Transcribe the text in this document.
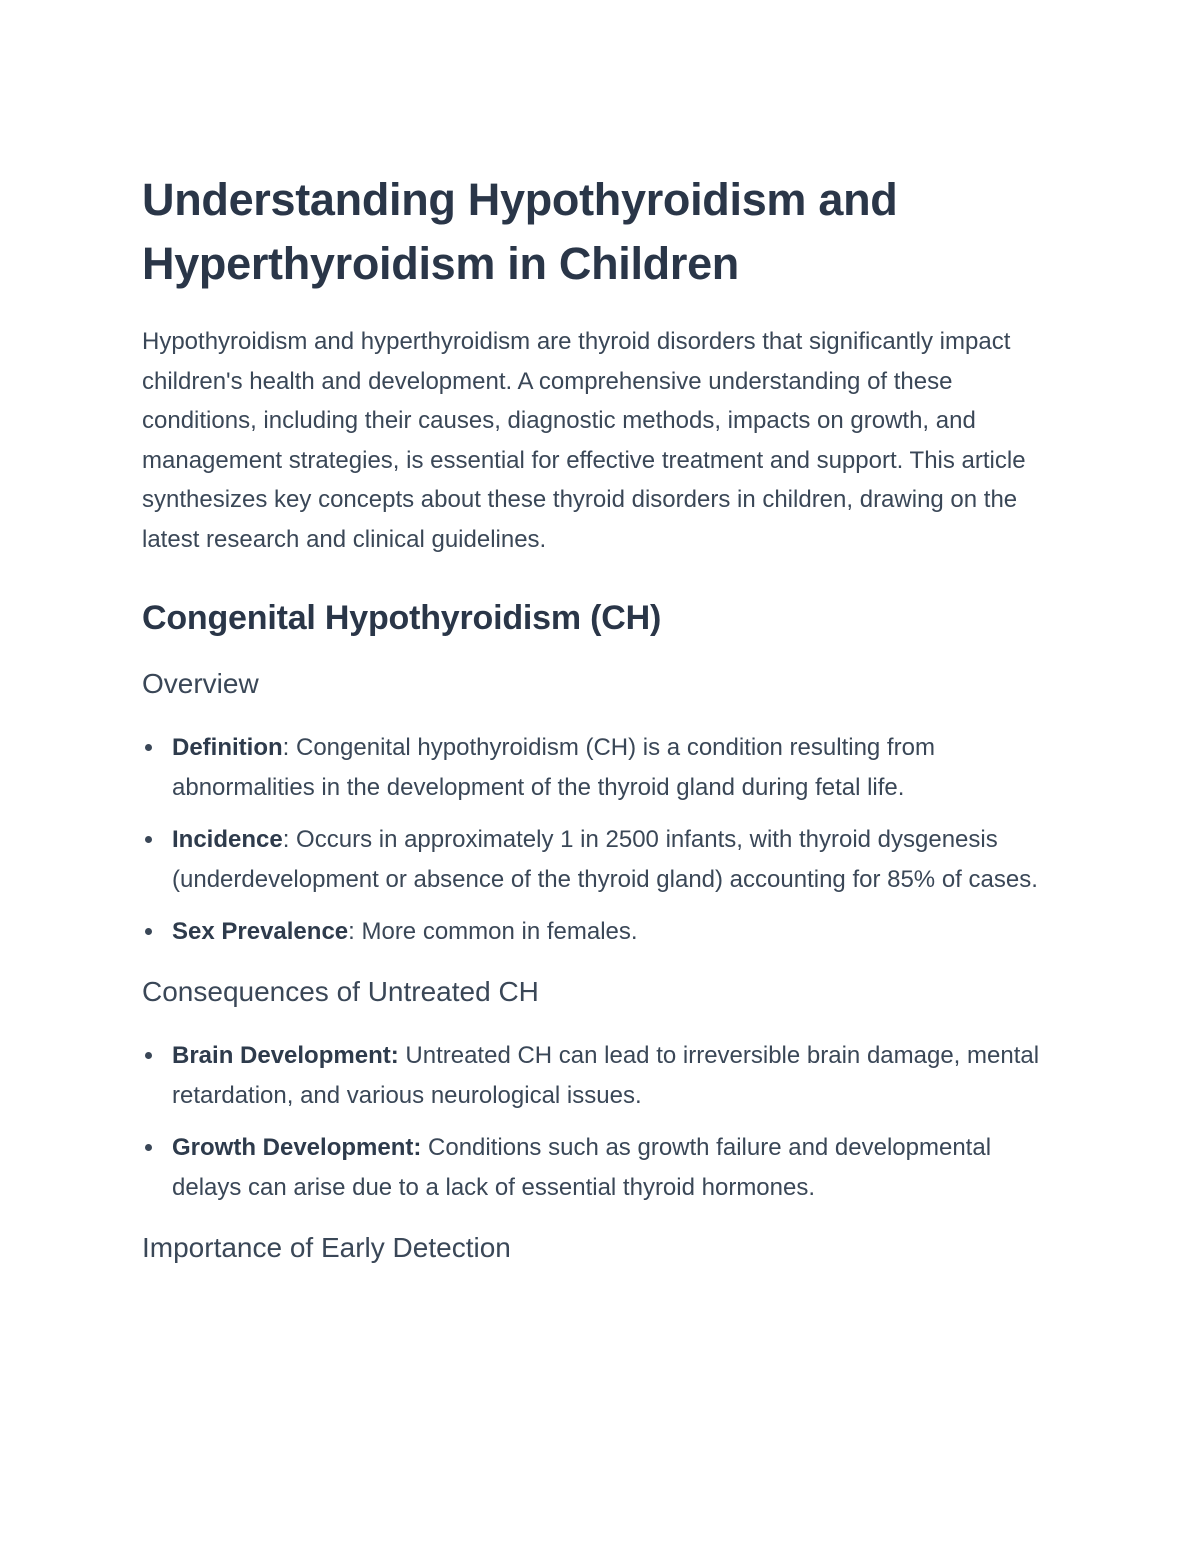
Understanding Hypothyroidism and Hyperthyroidism in Children

Hypothyroidism and hyperthyroidism are thyroid disorders that significantly impact children's health and development. A comprehensive understanding of these conditions, including their causes, diagnostic methods, impacts on growth, and management strategies, is essential for effective treatment and support. This article synthesizes key concepts about these thyroid disorders in children, drawing on the latest research and clinical guidelines.

Congenital Hypothyroidism (CH)
Overview
Definition: Congenital hypothyroidism (CH) is a condition resulting from abnormalities in the development of the thyroid gland during fetal life.
Incidence: Occurs in approximately 1 in 2500 infants, with thyroid dysgenesis (underdevelopment or absence of the thyroid gland) accounting for 85% of cases.
Sex Prevalence: More common in females.
Consequences of Untreated CH
Brain Development: Untreated CH can lead to irreversible brain damage, mental retardation, and various neurological issues.
Growth Development: Conditions such as growth failure and developmental delays can arise due to a lack of essential thyroid hormones.
Importance of Early Detection
